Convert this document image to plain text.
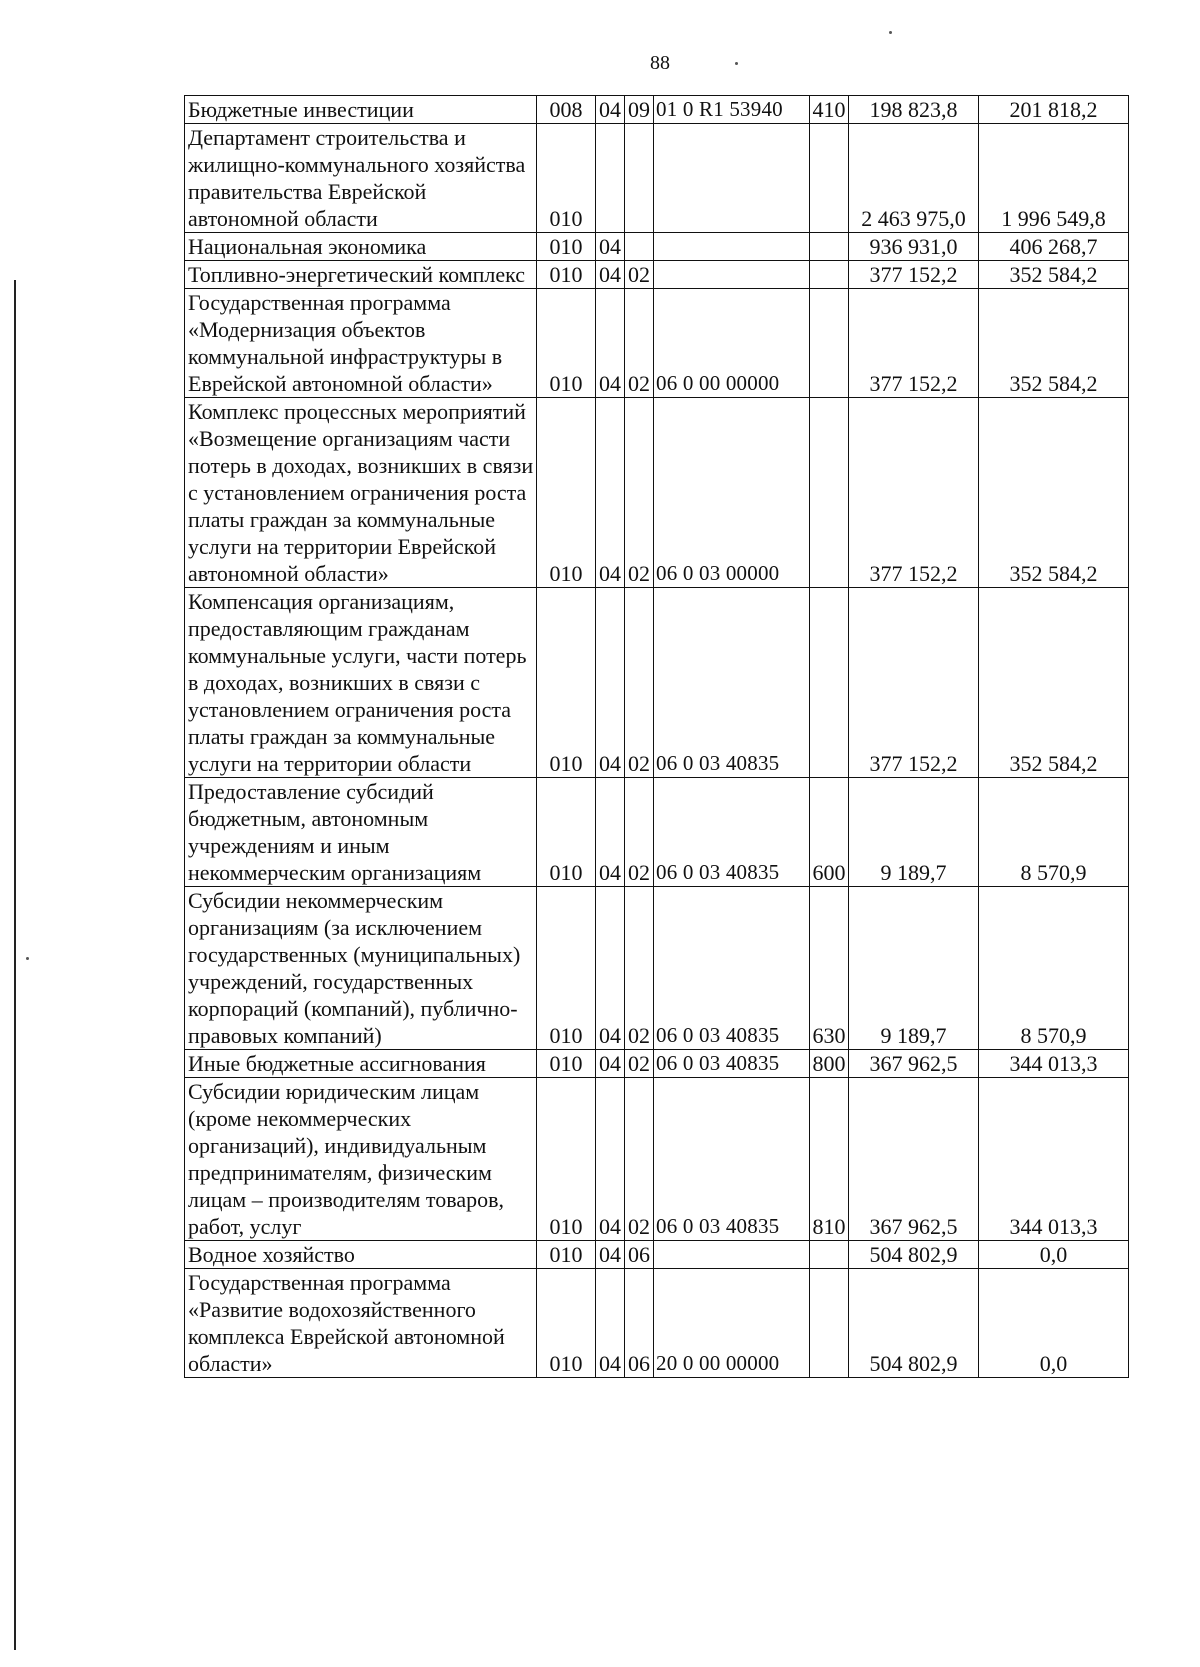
88
Бюджетные инвестиции	008	04	09	01 0 R1 53940	410	198 823,8	201 818,2
Департамент строительства и жилищно-коммунального хозяйства правительства Еврейской автономной области	010					2 463 975,0	1 996 549,8
Национальная экономика	010	04				936 931,0	406 268,7
Топливно-энергетический комплекс	010	04	02			377 152,2	352 584,2
Государственная программа «Модернизация объектов коммунальной инфраструктуры в Еврейской автономной области»	010	04	02	06 0 00 00000		377 152,2	352 584,2
Комплекс процессных мероприятий «Возмещение организациям части потерь в доходах, возникших в связи с установлением ограничения роста платы граждан за коммунальные услуги на территории Еврейской автономной области»	010	04	02	06 0 03 00000		377 152,2	352 584,2
Компенсация организациям, предоставляющим гражданам коммунальные услуги, части потерь в доходах, возникших в связи с установлением ограничения роста платы граждан за коммунальные услуги на территории области	010	04	02	06 0 03 40835		377 152,2	352 584,2
Предоставление субсидий бюджетным, автономным учреждениям и иным некоммерческим организациям	010	04	02	06 0 03 40835	600	9 189,7	8 570,9
Субсидии некоммерческим организациям (за исключением государственных (муниципальных) учреждений, государственных корпораций (компаний), публично-правовых компаний)	010	04	02	06 0 03 40835	630	9 189,7	8 570,9
Иные бюджетные ассигнования	010	04	02	06 0 03 40835	800	367 962,5	344 013,3
Субсидии юридическим лицам (кроме некоммерческих организаций), индивидуальным предпринимателям, физическим лицам – производителям товаров, работ, услуг	010	04	02	06 0 03 40835	810	367 962,5	344 013,3
Водное хозяйство	010	04	06			504 802,9	0,0
Государственная программа «Развитие водохозяйственного комплекса Еврейской автономной области»	010	04	06	20 0 00 00000		504 802,9	0,0
